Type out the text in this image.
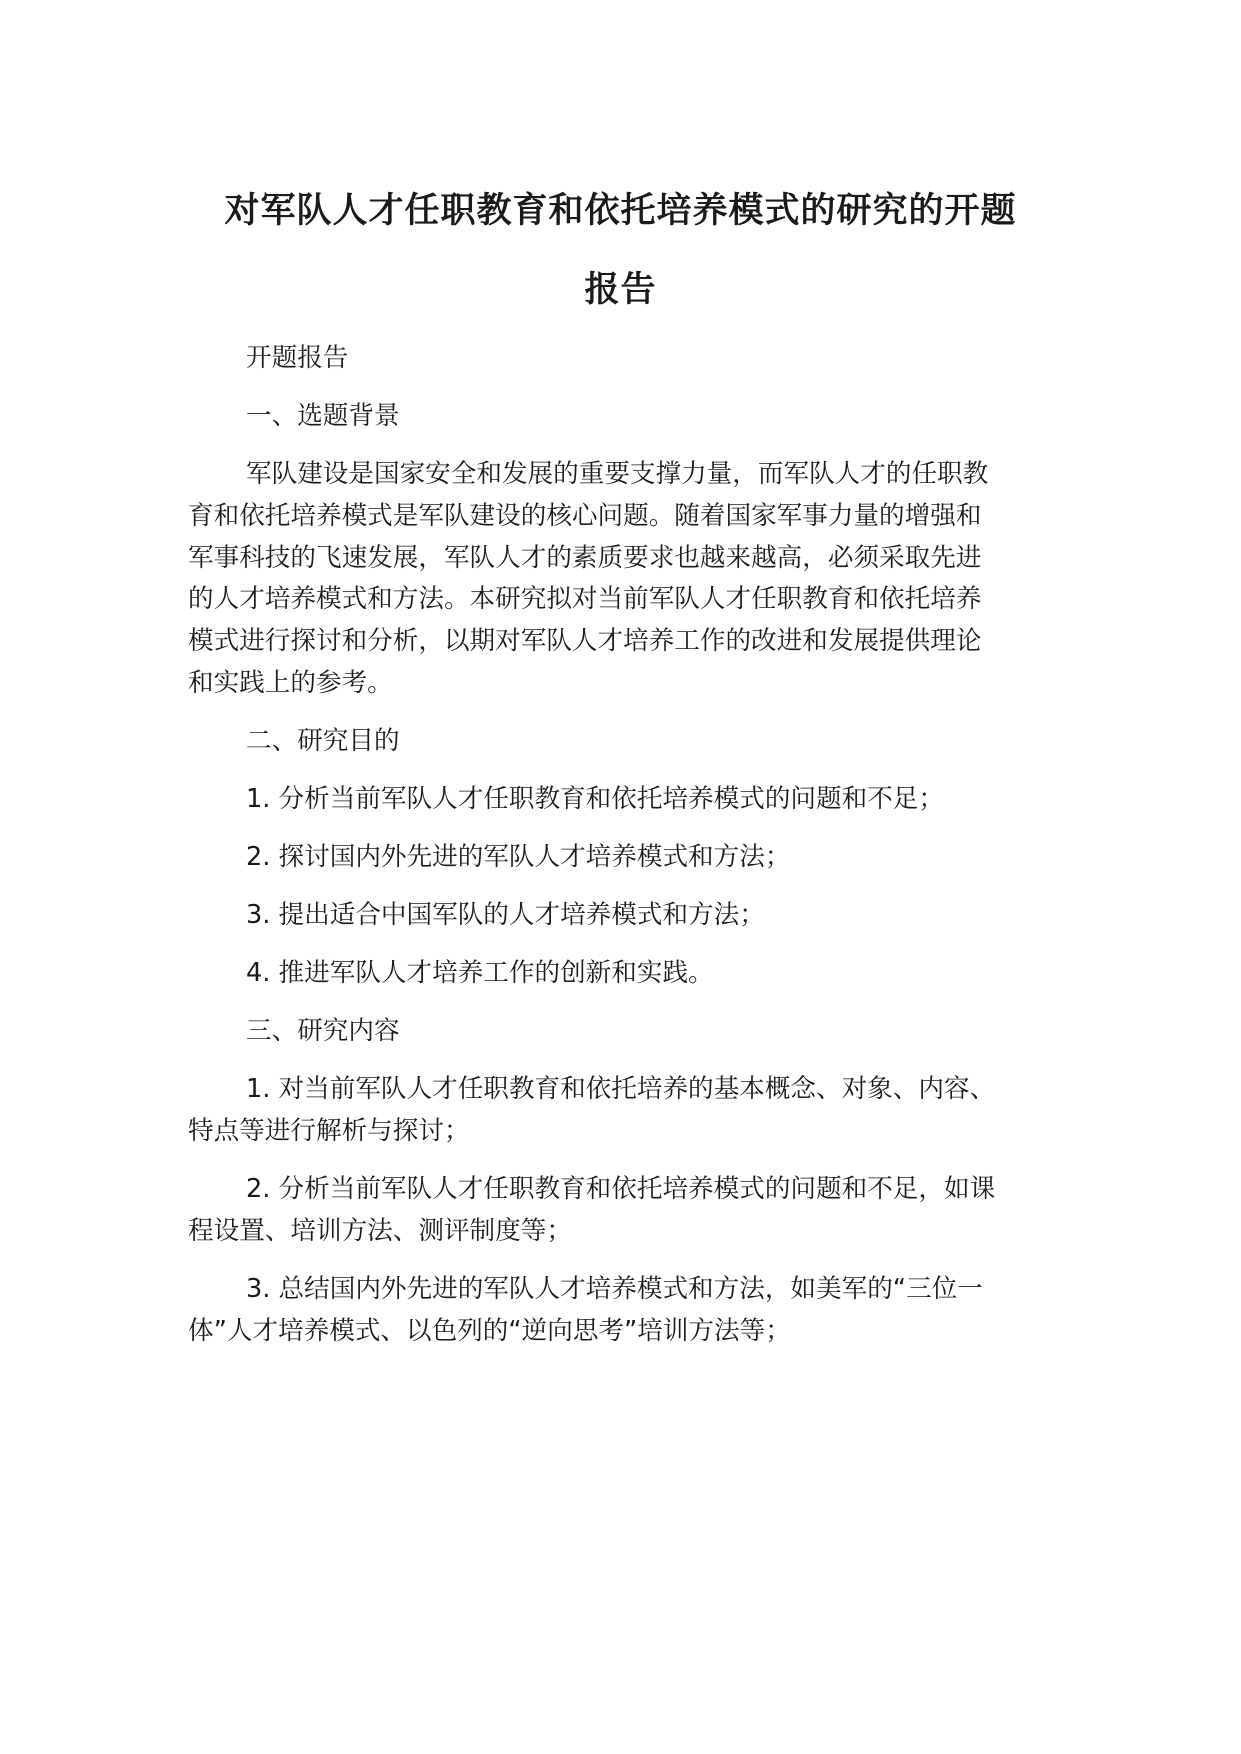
对军队人才任职教育和依托培养模式的研究的开题
报告
开题报告
一、选题背景
军队建设是国家安全和发展的重要支撑力量，而军队人才的任职教
育和依托培养模式是军队建设的核心问题。随着国家军事力量的增强和
军事科技的飞速发展，军队人才的素质要求也越来越高，必须采取先进
的人才培养模式和方法。本研究拟对当前军队人才任职教育和依托培养
模式进行探讨和分析，以期对军队人才培养工作的改进和发展提供理论
和实践上的参考。
二、研究目的
1. 分析当前军队人才任职教育和依托培养模式的问题和不足；
2. 探讨国内外先进的军队人才培养模式和方法；
3. 提出适合中国军队的人才培养模式和方法；
4. 推进军队人才培养工作的创新和实践。
三、研究内容
1. 对当前军队人才任职教育和依托培养的基本概念、对象、内容、
特点等进行解析与探讨；
2. 分析当前军队人才任职教育和依托培养模式的问题和不足，如课
程设置、培训方法、测评制度等；
3. 总结国内外先进的军队人才培养模式和方法，如美军的“三位一
体”人才培养模式、以色列的“逆向思考”培训方法等；
